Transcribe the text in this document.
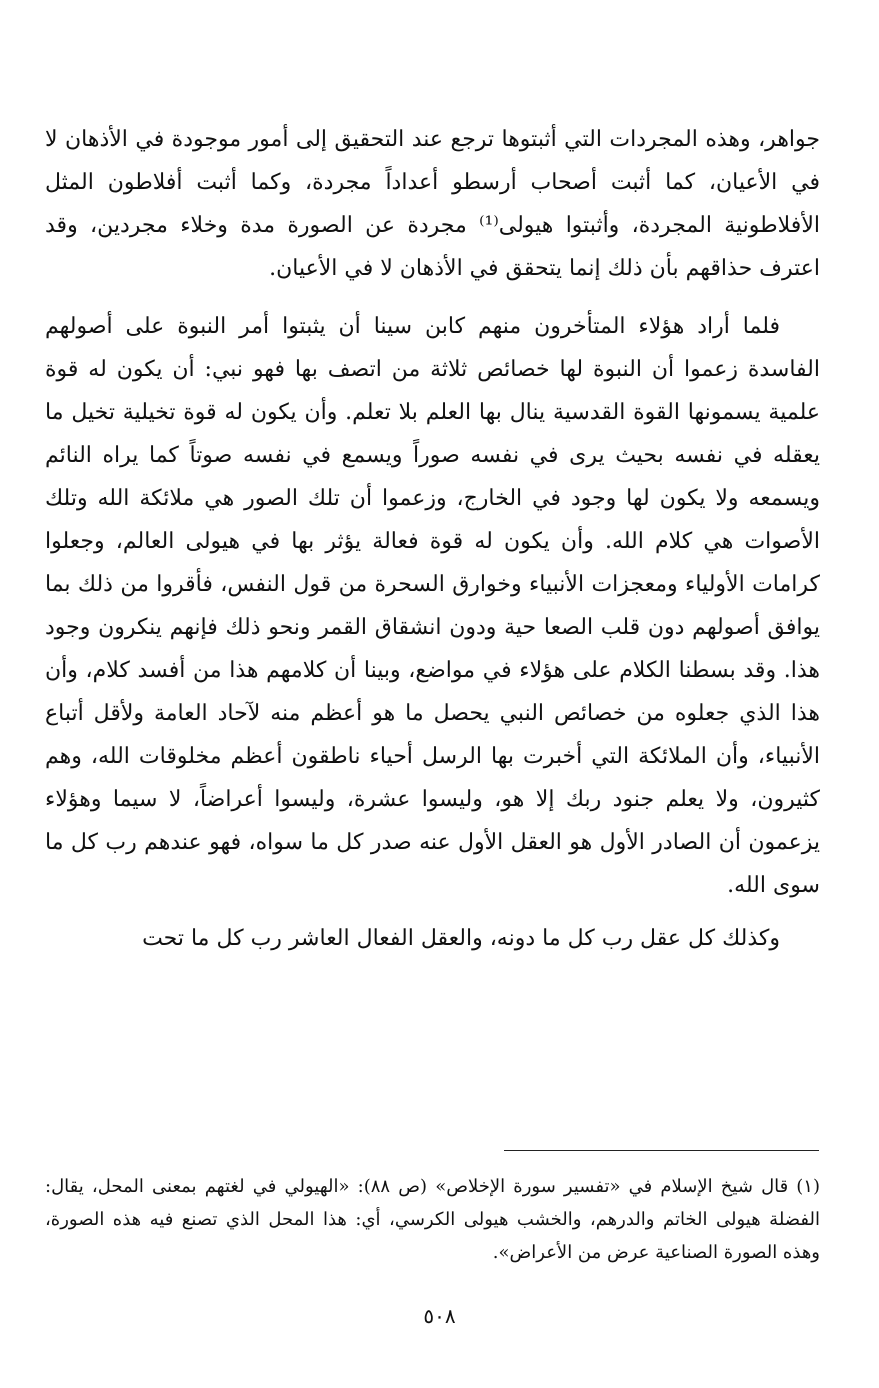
جواهر، وهذه المجردات التي أثبتوها ترجع عند التحقيق إلى أمور موجودة في الأذهان لا في الأعيان، كما أثبت أصحاب أرسطو أعداداً مجردة، وكما أثبت أفلاطون المثل الأفلاطونية المجردة، وأثبتوا هيولى⁽¹⁾ مجردة عن الصورة مدة وخلاء مجردين، وقد اعترف حذاقهم بأن ذلك إنما يتحقق في الأذهان لا في الأعيان.

فلما أراد هؤلاء المتأخرون منهم كابن سينا أن يثبتوا أمر النبوة على أصولهم الفاسدة زعموا أن النبوة لها خصائص ثلاثة من اتصف بها فهو نبي: أن يكون له قوة علمية يسمونها القوة القدسية ينال بها العلم بلا تعلم. وأن يكون له قوة تخيلية تخيل ما يعقله في نفسه بحيث يرى في نفسه صوراً ويسمع في نفسه صوتاً كما يراه النائم ويسمعه ولا يكون لها وجود في الخارج، وزعموا أن تلك الصور هي ملائكة الله وتلك الأصوات هي كلام الله. وأن يكون له قوة فعالة يؤثر بها في هيولى العالم، وجعلوا كرامات الأولياء ومعجزات الأنبياء وخوارق السحرة من قول النفس، فأقروا من ذلك بما يوافق أصولهم دون قلب الصعا حية ودون انشقاق القمر ونحو ذلك فإنهم ينكرون وجود هذا. وقد بسطنا الكلام على هؤلاء في مواضع، وبينا أن كلامهم هذا من أفسد كلام، وأن هذا الذي جعلوه من خصائص النبي يحصل ما هو أعظم منه لآحاد العامة ولأقل أتباع الأنبياء، وأن الملائكة التي أخبرت بها الرسل أحياء ناطقون أعظم مخلوقات الله، وهم كثيرون، ولا يعلم جنود ربك إلا هو، وليسوا عشرة، وليسوا أعراضاً، لا سيما وهؤلاء يزعمون أن الصادر الأول هو العقل الأول عنه صدر كل ما سواه، فهو عندهم رب كل ما سوى الله.

وكذلك كل عقل رب كل ما دونه، والعقل الفعال العاشر رب كل ما تحت

(١)قال شيخ الإسلام في «تفسير سورة الإخلاص» (ص ٨٨): «الهيولي في لغتهم بمعنى المحل، يقال: الفضلة هيولى الخاتم والدرهم، والخشب هيولى الكرسي، أي: هذا المحل الذي تصنع فيه هذه الصورة، وهذه الصورة الصناعية عرض من الأعراض».

٥٠٨
